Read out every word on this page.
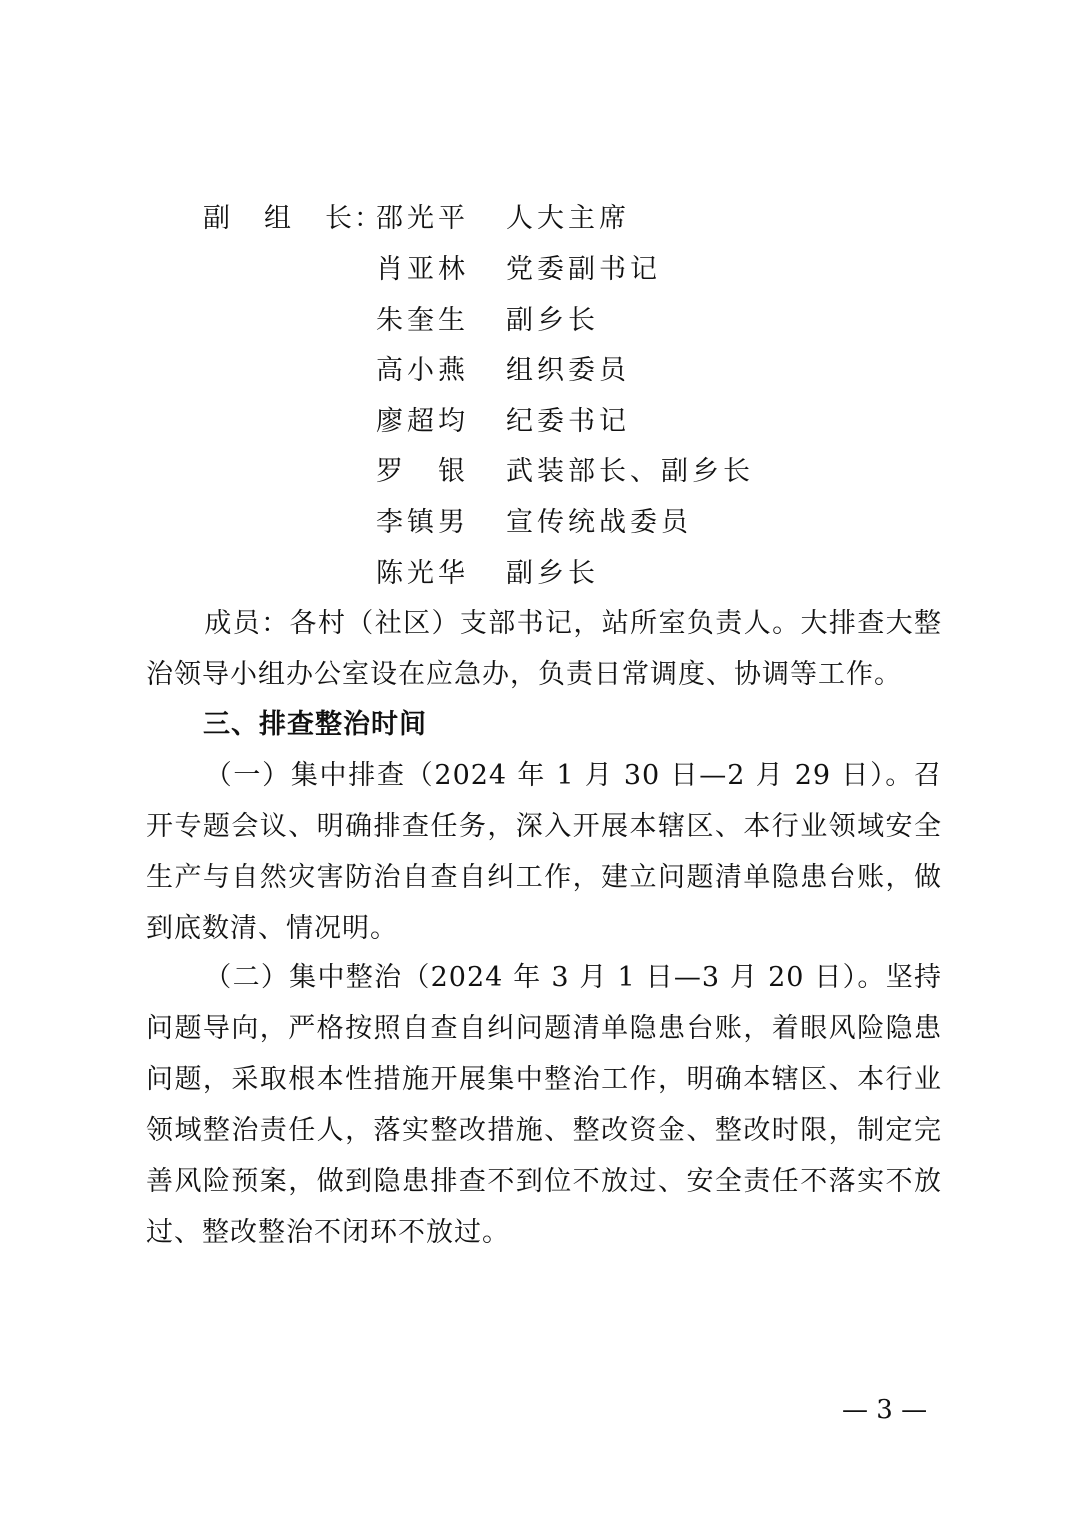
副 组 长：
邵光平 人大主席
肖亚林 党委副书记
朱奎生 副乡长
高小燕 组织委员
廖超均 纪委书记
罗　银 武装部长、副乡长
李镇男 宣传统战委员
陈光华 副乡长
成员：各村（社区）支部书记，站所室负责人。大排查大整治领导小组办公室设在应急办，负责日常调度、协调等工作。
三、排查整治时间
（一）集中排查（2024 年 1 月 30 日—2 月 29 日）。召开专题会议、明确排查任务，深入开展本辖区、本行业领域安全生产与自然灾害防治自查自纠工作，建立问题清单隐患台账，做到底数清、情况明。
（二）集中整治（2024 年 3 月 1 日—3 月 20 日）。坚持问题导向，严格按照自查自纠问题清单隐患台账，着眼风险隐患问题，采取根本性措施开展集中整治工作，明确本辖区、本行业领域整治责任人，落实整改措施、整改资金、整改时限，制定完善风险预案，做到隐患排查不到位不放过、安全责任不落实不放过、整改整治不闭环不放过。
— 3 —
